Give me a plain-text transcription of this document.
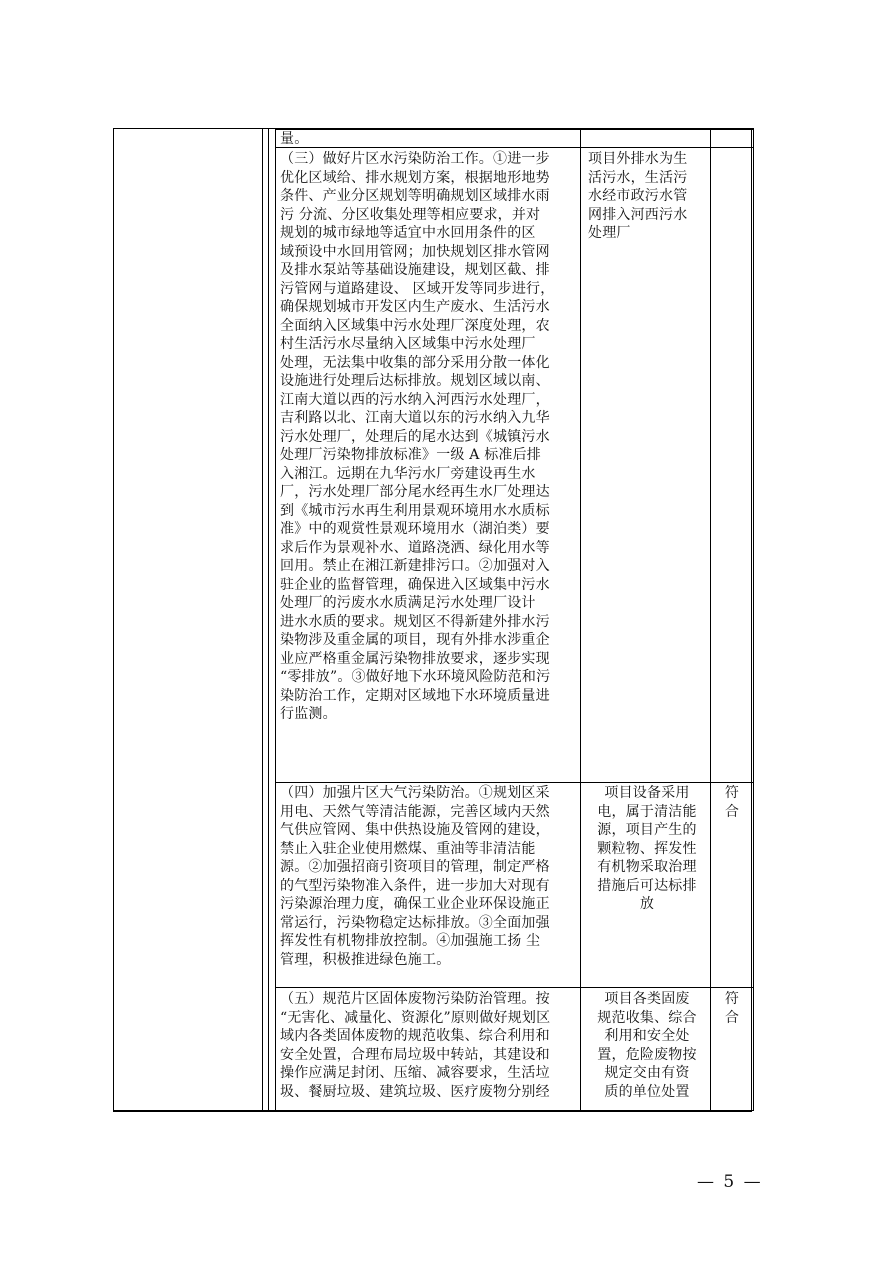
量。
（三）做好片区水污染防治工作。①进一步
优化区域给、排水规划方案，根据地形地势
条件、产业分区规划等明确规划区域排水雨
污 分流、分区收集处理等相应要求，并对
规划的城市绿地等适宜中水回用条件的区
域预设中水回用管网；加快规划区排水管网
及排水泵站等基础设施建设，规划区截、排
污管网与道路建设、 区域开发等同步进行，
确保规划城市开发区内生产废水、生活污水
全面纳入区域集中污水处理厂深度处理，农
村生活污水尽量纳入区域集中污水处理厂
处理，无法集中收集的部分采用分散一体化
设施进行处理后达标排放。规划区域以南、
江南大道以西的污水纳入河西污水处理厂，
吉利路以北、江南大道以东的污水纳入九华
污水处理厂，处理后的尾水达到《城镇污水
处理厂污染物排放标准》一级 A 标准后排
入湘江。远期在九华污水厂旁建设再生水
厂，污水处理厂部分尾水经再生水厂处理达
到《城市污水再生利用景观环境用水水质标
准》中的观赏性景观环境用水（湖泊类）要
求后作为景观补水、道路浇洒、绿化用水等
回用。禁止在湘江新建排污口。②加强对入
驻企业的监督管理，确保进入区域集中污水
处理厂的污废水水质满足污水处理厂设计
进水水质的要求。规划区不得新建外排水污
染物涉及重金属的项目，现有外排水涉重企
业应严格重金属污染物排放要求，逐步实现
“零排放”。③做好地下水环境风险防范和污
染防治工作，定期对区域地下水环境质量进
行监测。
项目外排水为生
活污水，生活污
水经市政污水管
网排入河西污水
处理厂
（四）加强片区大气污染防治。①规划区采
用电、天然气等清洁能源，完善区域内天然
气供应管网、集中供热设施及管网的建设，
禁止入驻企业使用燃煤、重油等非清洁能
源。②加强招商引资项目的管理，制定严格
的气型污染物准入条件，进一步加大对现有
污染源治理力度，确保工业企业环保设施正
常运行，污染物稳定达标排放。③全面加强
挥发性有机物排放控制。④加强施工扬 尘
管理，积极推进绿色施工。
项目设备采用
电，属于清洁能
源，项目产生的
颗粒物、挥发性
有机物采取治理
措施后可达标排
放
符
合
（五）规范片区固体废物污染防治管理。按
“无害化、减量化、资源化”原则做好规划区
域内各类固体废物的规范收集、综合利用和
安全处置，合理布局垃圾中转站，其建设和
操作应满足封闭、压缩、减容要求，生活垃
圾、餐厨垃圾、建筑垃圾、医疗废物分别经
项目各类固废
规范收集、综合
利用和安全处
置，危险废物按
规定交由有资
质的单位处置
符
合
— 5 —
